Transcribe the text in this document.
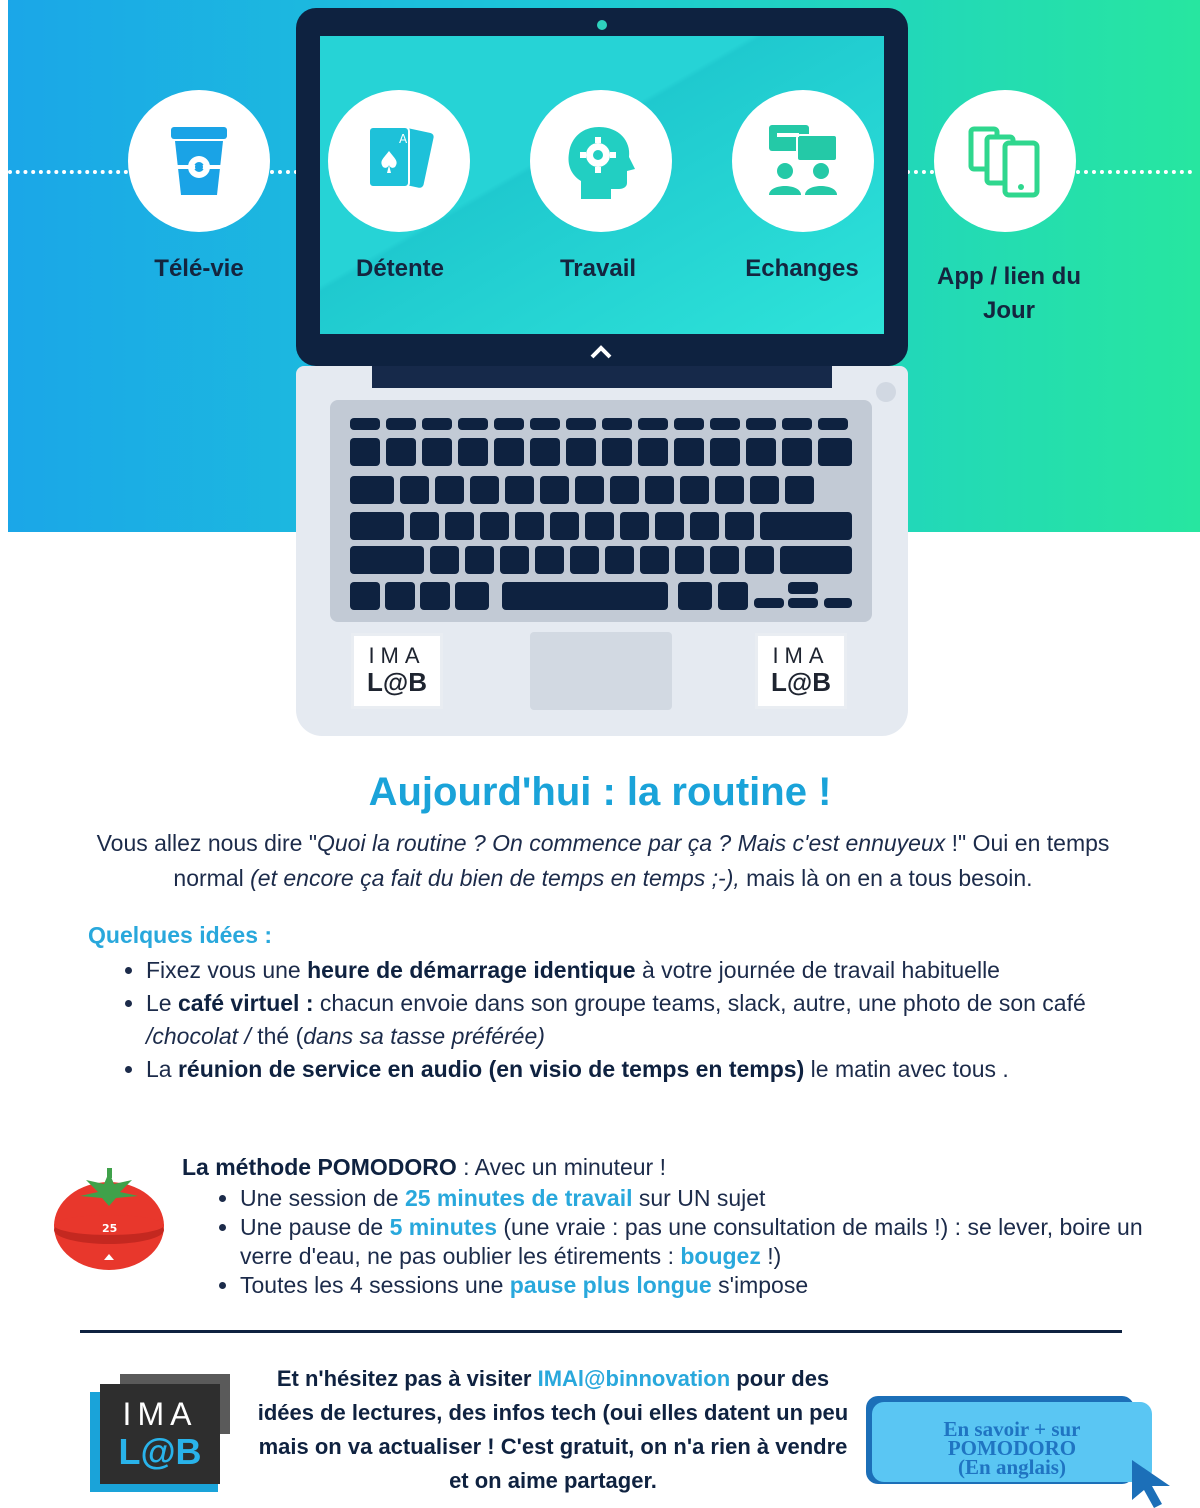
IMA
L@B
IMA
L@B
A
Télé-vie	Détente	Travail	Echanges	App / lien du
Jour
Aujourd'hui : la routine !
Vous allez nous dire "Quoi la routine ? On commence par ça ? Mais c'est ennuyeux !" Oui en temps normal (et encore ça fait du bien de temps en temps ;-), mais là on en a tous besoin.
Quelques idées :
• Fixez vous une heure de démarrage identique à votre journée de travail habituelle
• Le café virtuel : chacun envoie dans son groupe teams, slack, autre, une photo de son café /chocolat / thé (dans sa tasse préférée)
• La réunion de service en audio (en visio de temps en temps) le matin avec tous .
25
La méthode POMODORO : Avec un minuteur !
• Une session de 25 minutes de travail sur UN sujet
• Une pause de 5 minutes (une vraie : pas une consultation de mails !) : se lever, boire un verre d'eau, ne pas oublier les étirements : bougez !)
• Toutes les 4 sessions une pause plus longue s'impose
IMA
L@B
Et n'hésitez pas à visiter IMAl@binnovation pour des idées de lectures, des infos tech (oui elles datent un peu mais on va actualiser ! C'est gratuit, on n'a rien à vendre et on aime partager.
En savoir + sur
POMODORO
(En anglais)
